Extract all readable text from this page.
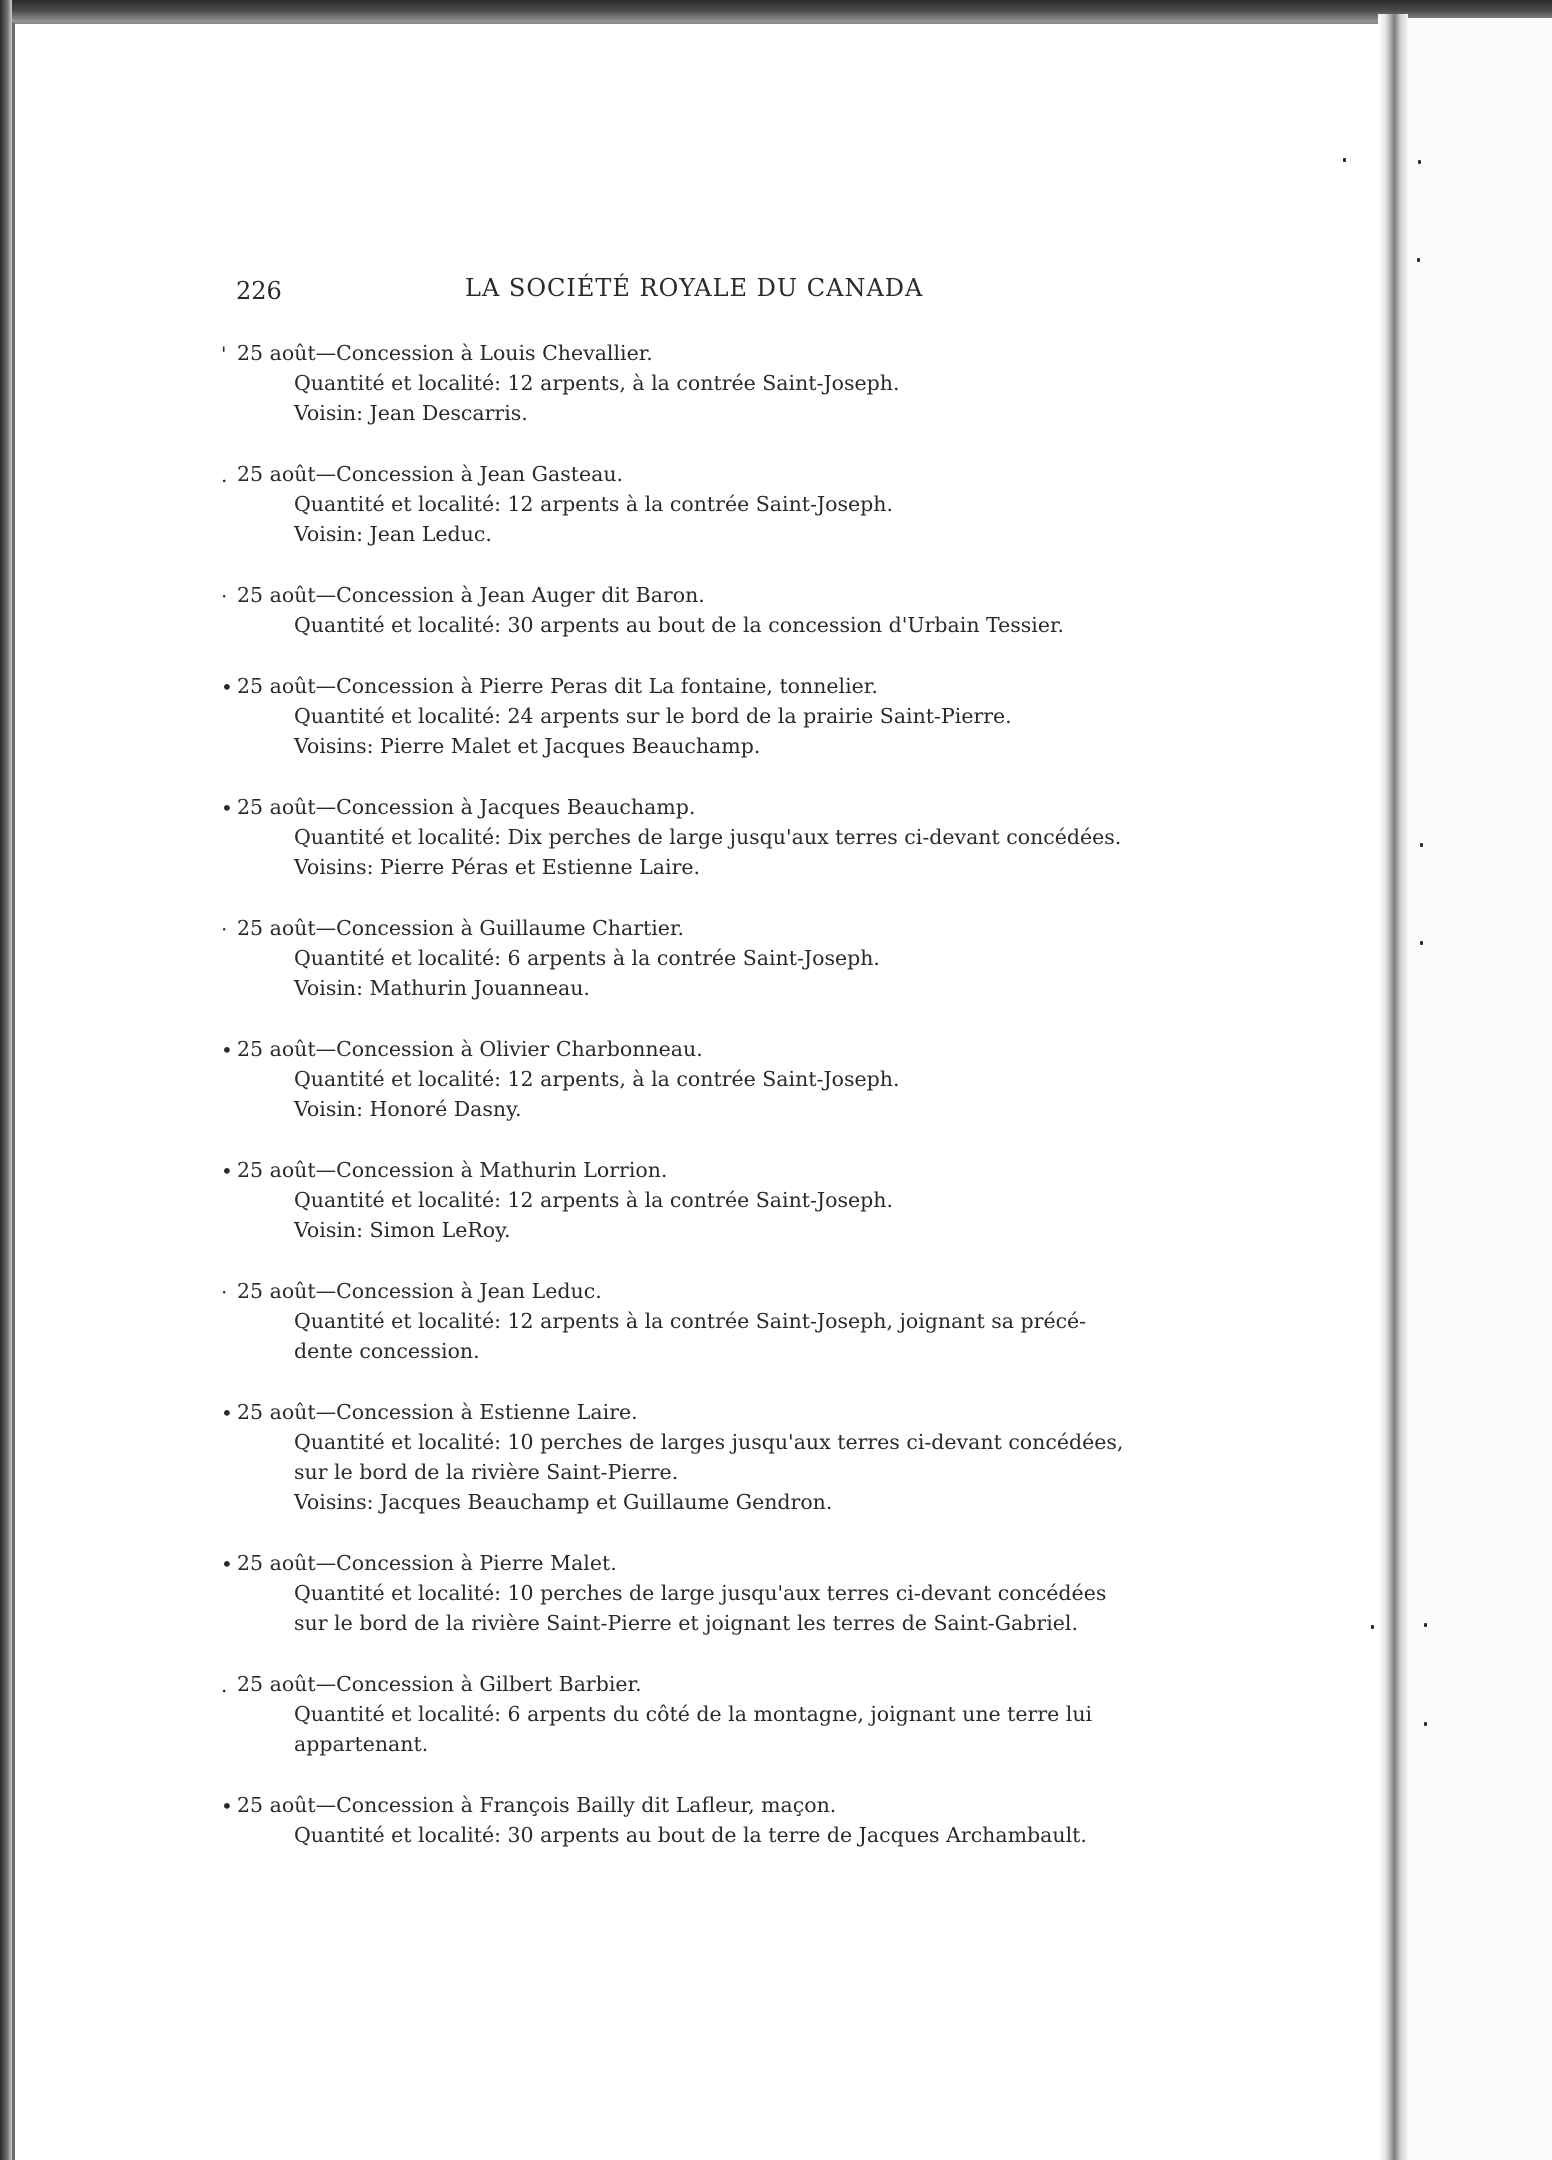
226	LA SOCIÉTÉ ROYALE DU CANADA
' 25 août—Concession à Louis Chevallier.
Quantité et localité: 12 arpents, à la contrée Saint-Joseph.
Voisin: Jean Descarris.
. 25 août—Concession à Jean Gasteau.
Quantité et localité: 12 arpents à la contrée Saint-Joseph.
Voisin: Jean Leduc.
· 25 août—Concession à Jean Auger dit Baron.
Quantité et localité: 30 arpents au bout de la concession d'Urbain Tessier.
• 25 août—Concession à Pierre Peras dit La fontaine, tonnelier.
Quantité et localité: 24 arpents sur le bord de la prairie Saint-Pierre.
Voisins: Pierre Malet et Jacques Beauchamp.
• 25 août—Concession à Jacques Beauchamp.
Quantité et localité: Dix perches de large jusqu'aux terres ci-devant concédées.
Voisins: Pierre Péras et Estienne Laire.
· 25 août—Concession à Guillaume Chartier.
Quantité et localité: 6 arpents à la contrée Saint-Joseph.
Voisin: Mathurin Jouanneau.
• 25 août—Concession à Olivier Charbonneau.
Quantité et localité: 12 arpents, à la contrée Saint-Joseph.
Voisin: Honoré Dasny.
• 25 août—Concession à Mathurin Lorrion.
Quantité et localité: 12 arpents à la contrée Saint-Joseph.
Voisin: Simon LeRoy.
· 25 août—Concession à Jean Leduc.
Quantité et localité: 12 arpents à la contrée Saint-Joseph, joignant sa précé-
dente concession.
• 25 août—Concession à Estienne Laire.
Quantité et localité: 10 perches de larges jusqu'aux terres ci-devant concédées,
sur le bord de la rivière Saint-Pierre.
Voisins: Jacques Beauchamp et Guillaume Gendron.
• 25 août—Concession à Pierre Malet.
Quantité et localité: 10 perches de large jusqu'aux terres ci-devant concédées
sur le bord de la rivière Saint-Pierre et joignant les terres de Saint-Gabriel.
. 25 août—Concession à Gilbert Barbier.
Quantité et localité: 6 arpents du côté de la montagne, joignant une terre lui
appartenant.
• 25 août—Concession à François Bailly dit Lafleur, maçon.
Quantité et localité: 30 arpents au bout de la terre de Jacques Archambault.
